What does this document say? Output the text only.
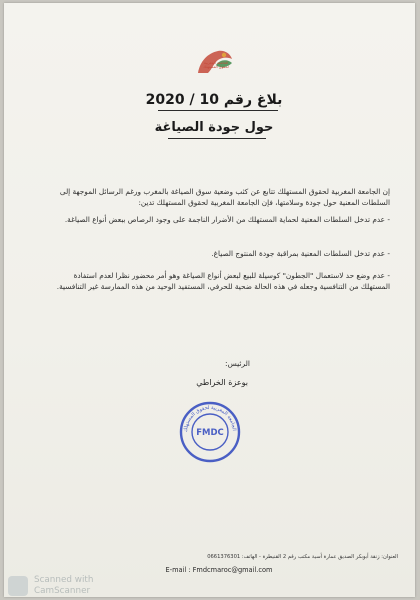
الجامعة المغربية لحقوق المستهلك
بلاغ رقم 10 / 2020
حول جودة الصياغة

إن الجامعة المغربية لحقوق المستهلك تتابع عن كثب وضعية سوق الصياغة بالمغرب ورغم الرسائل الموجهة إلى السلطات المعنية حول جودة وسلامتها، فإن الجامعة المغربية لحقوق المستهلك تدين:

- عدم تدخل السلطات المعنية لحماية المستهلك من الأضرار الناجمة على وجود الرصاص ببعض أنواع الصياغة.
- عدم تدخل السلطات المعنية بمراقبة جودة المنتوج الصياغ.
- عدم وضع حد لاستعمال "الجطون" كوسيلة للبيع لبعض أنواع الصياغة وهو أمر محضور نظرا لعدم استفادة المستهلك من التنافسية وجعله في هذه الحالة ضحية للحرفي، المستفيد الوحيد من هذه الممارسة غير التنافسية.
الرئيس:
بوعزة الخراطي
الجامعة المغربية لحقوق المستهلك
FMDC
العنوان: زنقة أبوبكر الصديق عمارة أسية مكتب رقم 2 القنيطرة - الهاتف: 0661376301
E-mail : Fmdcmaroc@gmail.com
Scanned with
CamScanner
